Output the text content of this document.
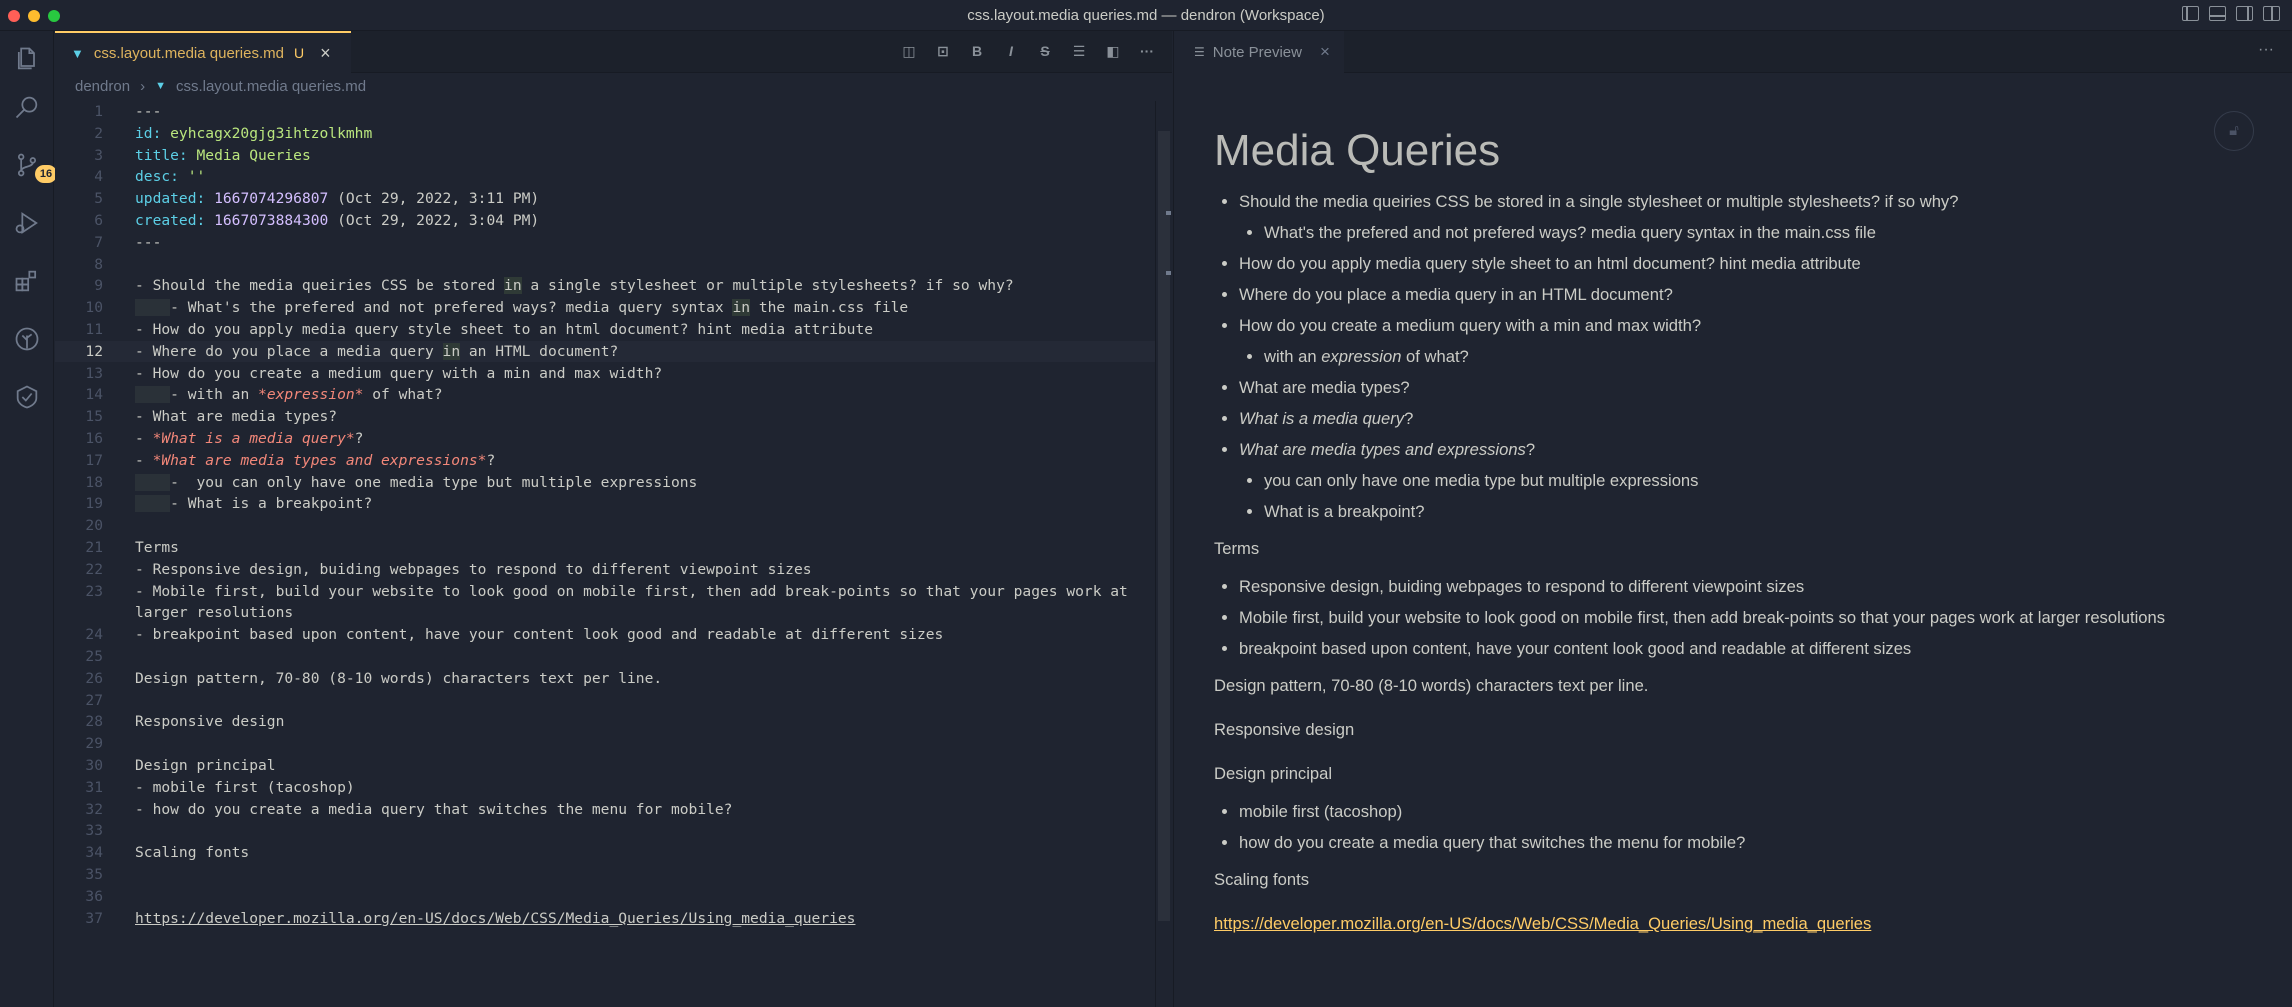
css.layout.media queries.md — dendron (Workspace)
16
▼ css.layout.media queries.md U ×	◫ ⊡ B	I	S	☰ ◧ ···
dendron › ▼ css.layout.media queries.md
1 ---
2 id: eyhcagx20gjg3ihtzolkmhm
3 title: Media Queries
4 desc: ''
5 updated: 1667074296807 (Oct 29, 2022, 3:11 PM)
6 created: 1667073884300 (Oct 29, 2022, 3:04 PM)
7 ---
8
9 - Should the media queiries CSS be stored in a single stylesheet or multiple stylesheets? if so why?
10	- What's the prefered and not prefered ways? media query syntax in the main.css file
11 - How do you apply media query style sheet to an html document? hint media attribute
12 - Where do you place a media query in an HTML document?
13 - How do you create a medium query with a min and max width?
14	- with an *expression* of what?
15 - What are media types?
16 - *What is a media query*?
17 - *What are media types and expressions*?
18	-  you can only have one media type but multiple expressions
19	- What is a breakpoint?
20
21 Terms
22 - Responsive design, buiding webpages to respond to different viewpoint sizes
23 - Mobile first, build your website to look good on mobile first, then add break-points so that your pages work at
larger resolutions
24 - breakpoint based upon content, have your content look good and readable at different sizes
25
26 Design pattern, 70-80 (8-10 words) characters text per line.
27
28 Responsive design
29
30 Design principal
31 - mobile first (tacoshop)
32 - how do you create a media query that switches the menu for mobile?
33
34 Scaling fonts
35
36
37 https://developer.mozilla.org/en-US/docs/Web/CSS/Media_Queries/Using_media_queries
☰ Note Preview ×	···
🔓︎
Media Queries
• Should the media queiries CSS be stored in a single stylesheet or multiple stylesheets? if so why?
• What's the prefered and not prefered ways? media query syntax in the main.css file
• How do you apply media query style sheet to an html document? hint media attribute
• Where do you place a media query in an HTML document?
• How do you create a medium query with a min and max width?
• with an expression of what?
• What are media types?
• What is a media query?
• What are media types and expressions?
• you can only have one media type but multiple expressions
• What is a breakpoint?

Terms

• Responsive design, buiding webpages to respond to different viewpoint sizes
• Mobile first, build your website to look good on mobile first, then add break-points so that your pages work at larger resolutions
• breakpoint based upon content, have your content look good and readable at different sizes

Design pattern, 70-80 (8-10 words) characters text per line.

Responsive design

Design principal

• mobile first (tacoshop)
• how do you create a media query that switches the menu for mobile?

Scaling fonts

https://developer.mozilla.org/en-US/docs/Web/CSS/Media_Queries/Using_media_queries
